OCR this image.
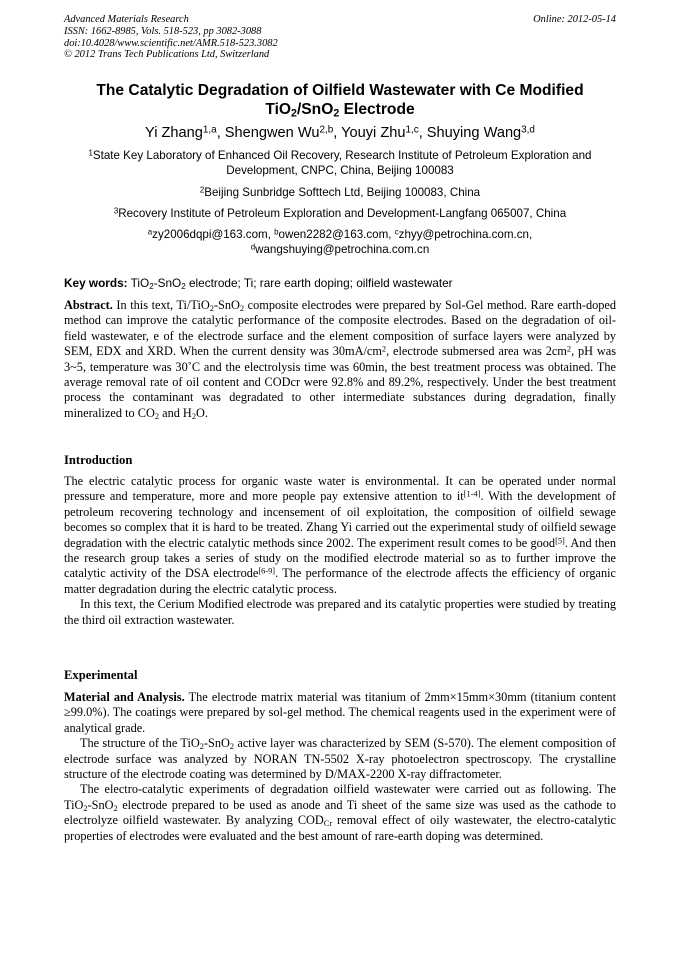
Advanced Materials Research
ISSN: 1662-8985, Vols. 518-523, pp 3082-3088
doi:10.4028/www.scientific.net/AMR.518-523.3082
© 2012 Trans Tech Publications Ltd, Switzerland
Online: 2012-05-14
The Catalytic Degradation of Oilfield Wastewater with Ce Modified
TiO$_2$/SnO$_2$ Electrode
Yi Zhang$^{1,a}$, Shengwen Wu$^{2,b}$, Youyi Zhu$^{1,c}$, Shuying Wang$^{3,d}$
$^1$State Key Laboratory of Enhanced Oil Recovery, Research Institute of Petroleum Exploration and
Development, CNPC, China, Beijing 100083
$^2$Beijing Sunbridge Softtech Ltd, Beijing 100083, China
$^3$Recovery Institute of Petroleum Exploration and Development-Langfang 065007, China
$^a$zy2006dqpi@163.com, $^b$owen2282@163.com, $^c$zhyy@petrochina.com.cn,
$^d$wangshuying@petrochina.com.cn
Key words: TiO$_2$-SnO$_2$ electrode; Ti; rare earth doping; oilfield wastewater

Abstract. In this text, Ti/TiO$_2$-SnO$_2$ composite electrodes were prepared by Sol-Gel method. Rare earth-doped method can improve the catalytic performance of the composite electrodes. Based on the degradation of oil-field wastewater, e of the electrode surface and the element composition of surface layers were analyzed by SEM, EDX and XRD. When the current density was $30mA/cm^2$, electrode submersed area was $2cm^2$, pH was 3~5, temperature was 30˚C and the electrolysis time was 60min, the best treatment process was obtained. The average removal rate of oil content and CODcr were 92.8% and 89.2%, respectively. Under the best treatment process the contaminant was degradated to other intermediate substances during degradation, finally mineralized to $CO_2$ and $H_2O$.

Introduction

The electric catalytic process for organic waste water is environmental. It can be operated under normal pressure and temperature, more and more people pay extensive attention to it[1-4]. With the development of petroleum recovering technology and incensement of oil exploitation, the composition of oilfield sewage becomes so complex that it is hard to be treated. Zhang Yi carried out the experimental study of oilfield sewage degradation with the electric catalytic methods since 2002. The experiment result comes to be good[5]. And then the research group takes a series of study on the modified electrode material so as to further improve the catalytic activity of the DSA electrode[6-9]. The performance of the electrode affects the efficiency of organic matter degradation during the electric catalytic process.

In this text, the Cerium Modified electrode was prepared and its catalytic properties were studied by treating the third oil extraction wastewater.

Experimental

Material and Analysis. The electrode matrix material was titanium of 2mm×15mm×30mm (titanium content ≥99.0%). The coatings were prepared by sol-gel method. The chemical reagents used in the experiment were of analytical grade.

The structure of the TiO$_2$-SnO$_2$ active layer was characterized by SEM (S-570). The element composition of electrode surface was analyzed by NORAN TN-5502 X-ray photoelectron spectroscopy. The crystalline structure of the electrode coating was determined by D/MAX-2200 X-ray diffractometer.

The electro-catalytic experiments of degradation oilfield wastewater were carried out as following. The TiO$_2$-SnO$_2$ electrode prepared to be used as anode and Ti sheet of the same size was used as the cathode to electrolyze oilfield wastewater. By analyzing $COD_{Cr}$ removal effect of oily wastewater, the electro-catalytic properties of electrodes were evaluated and the best amount of rare-earth doping was determined.
